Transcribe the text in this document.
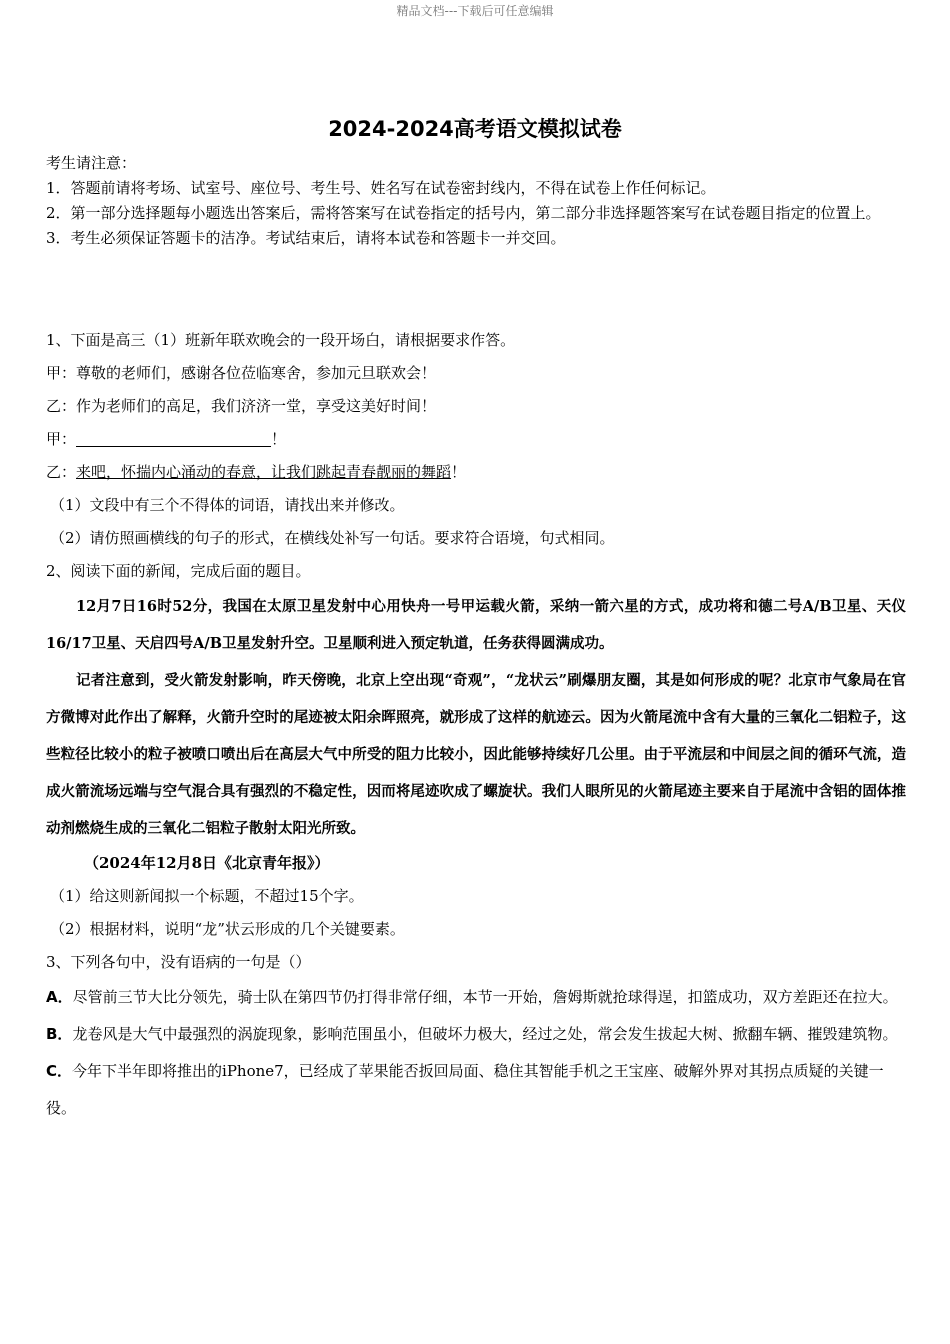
精品文档---下载后可任意编辑
2024-2024高考语文模拟试卷
考生请注意：
1．答题前请将考场、试室号、座位号、考生号、姓名写在试卷密封线内，不得在试卷上作任何标记。
2．第一部分选择题每小题选出答案后，需将答案写在试卷指定的括号内，第二部分非选择题答案写在试卷题目指定的位置上。
3．考生必须保证答题卡的洁净。考试结束后，请将本试卷和答题卡一并交回。
1、下面是高三（1）班新年联欢晚会的一段开场白，请根据要求作答。
甲：尊敬的老师们，感谢各位莅临寒舍，参加元旦联欢会！
乙：作为老师们的高足，我们济济一堂，享受这美好时间！
甲：	！
乙：来吧，怀揣内心涌动的春意，让我们跳起青春靓丽的舞蹈！
（1）文段中有三个不得体的词语，请找出来并修改。
（2）请仿照画横线的句子的形式，在横线处补写一句话。要求符合语境，句式相同。
2、阅读下面的新闻，完成后面的题目。
12月7日16时52分，我国在太原卫星发射中心用快舟一号甲运载火箭，采纳一箭六星的方式，成功将和德二号A/B卫星、天仪16/17卫星、天启四号A/B卫星发射升空。卫星顺利进入预定轨道，任务获得圆满成功。
记者注意到，受火箭发射影响，昨天傍晚，北京上空出现“奇观”，“龙状云”刷爆朋友圈，其是如何形成的呢？北京市气象局在官方微博对此作出了解释，火箭升空时的尾迹被太阳余晖照亮，就形成了这样的航迹云。因为火箭尾流中含有大量的三氧化二铝粒子，这些粒径比较小的粒子被喷口喷出后在高层大气中所受的阻力比较小，因此能够持续好几公里。由于平流层和中间层之间的循环气流，造成火箭流场远端与空气混合具有强烈的不稳定性，因而将尾迹吹成了螺旋状。我们人眼所见的火箭尾迹主要来自于尾流中含铝的固体推动剂燃烧生成的三氧化二铝粒子散射太阳光所致。
（2024年12月8日《北京青年报》）
（1）给这则新闻拟一个标题，不超过15个字。
（2）根据材料，说明“龙”状云形成的几个关键要素。
3、下列各句中，没有语病的一句是（）
A．尽管前三节大比分领先，骑士队在第四节仍打得非常仔细，本节一开始，詹姆斯就抢球得逞，扣篮成功，双方差距还在拉大。
B．龙卷风是大气中最强烈的涡旋现象，影响范围虽小，但破坏力极大，经过之处，常会发生拔起大树、掀翻车辆、摧毁建筑物。
C．今年下半年即将推出的iPhone7，已经成了苹果能否扳回局面、稳住其智能手机之王宝座、破解外界对其拐点质疑的关键一役。
